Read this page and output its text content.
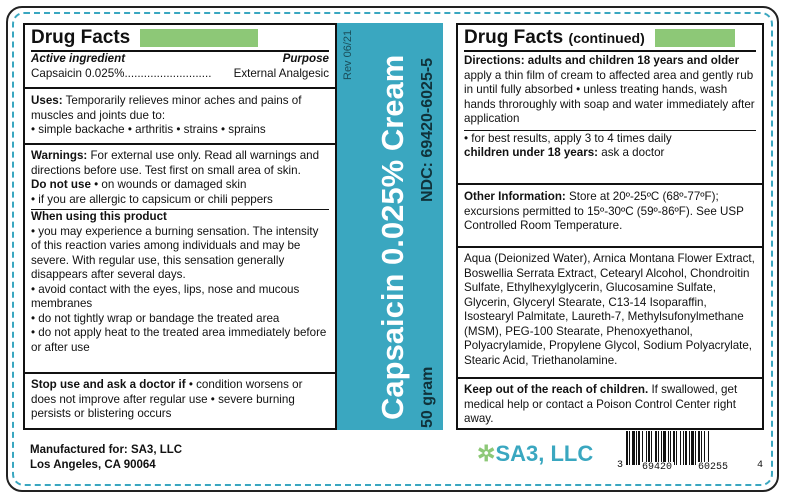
Drug Facts
Active ingredient	Purpose
Capsaicin 0.025%........................... External Analgesic
Uses: Temporarily relieves minor aches and pains of muscles and joints due to:
• simple backache • arthritis • strains • sprains
Warnings: For external use only. Read all warnings and directions before use. Test first on small area of skin.
Do not use • on wounds or damaged skin
• if you are allergic to capsicum or chili peppers
When using this product
• you may experience a burning sensation. The intensity of this reaction varies among individuals and may be severe. With regular use, this sensation generally disappears after several days.
• avoid contact with the eyes, lips, nose and mucous membranes
• do not tightly wrap or bandage the treated area
• do not apply heat to the treated area immediately before or after use
Stop use and ask a doctor if • condition worsens or does not improve after regular use • severe burning persists or blistering occurs
Rev 06/21 Capsaicin 0.025% Cream NDC: 69420-6025-5
50 gram
Drug Facts (continued)
Directions: adults and children 18 years and older apply a thin film of cream to affected area and gently rub in until fully absorbed • unless treating hands, wash hands throroughly with soap and water immediately after application
• for best results, apply 3 to 4 times daily
children under 18 years: ask a doctor
Other Information: Store at 20º-25ºC (68º-77ºF); excursions permitted to 15º-30ºC (59º-86ºF). See USP Controlled Room Temperature.
Aqua (Deionized Water), Arnica Montana Flower Extract, Boswellia Serrata Extract, Cetearyl Alcohol, Chondroitin Sulfate, Ethylhexylglycerin, Glucosamine Sulfate, Glycerin, Glyceryl Stearate, C13-14 Isoparaffin, Isostearyl Palmitate, Laureth-7, Methylsufonylmethane (MSM), PEG-100 Stearate, Phenoxyethanol, Polyacrylamide, Propylene Glycol, Sodium Polyacrylate, Stearic Acid, Triethanolamine.
Keep out of the reach of children. If swallowed, get medical help or contact a Poison Control Center right away.
Manufactured for: SA3, LLC
Los Angeles, CA 90064	✲SA3, LLC 3 69420	60255	4
